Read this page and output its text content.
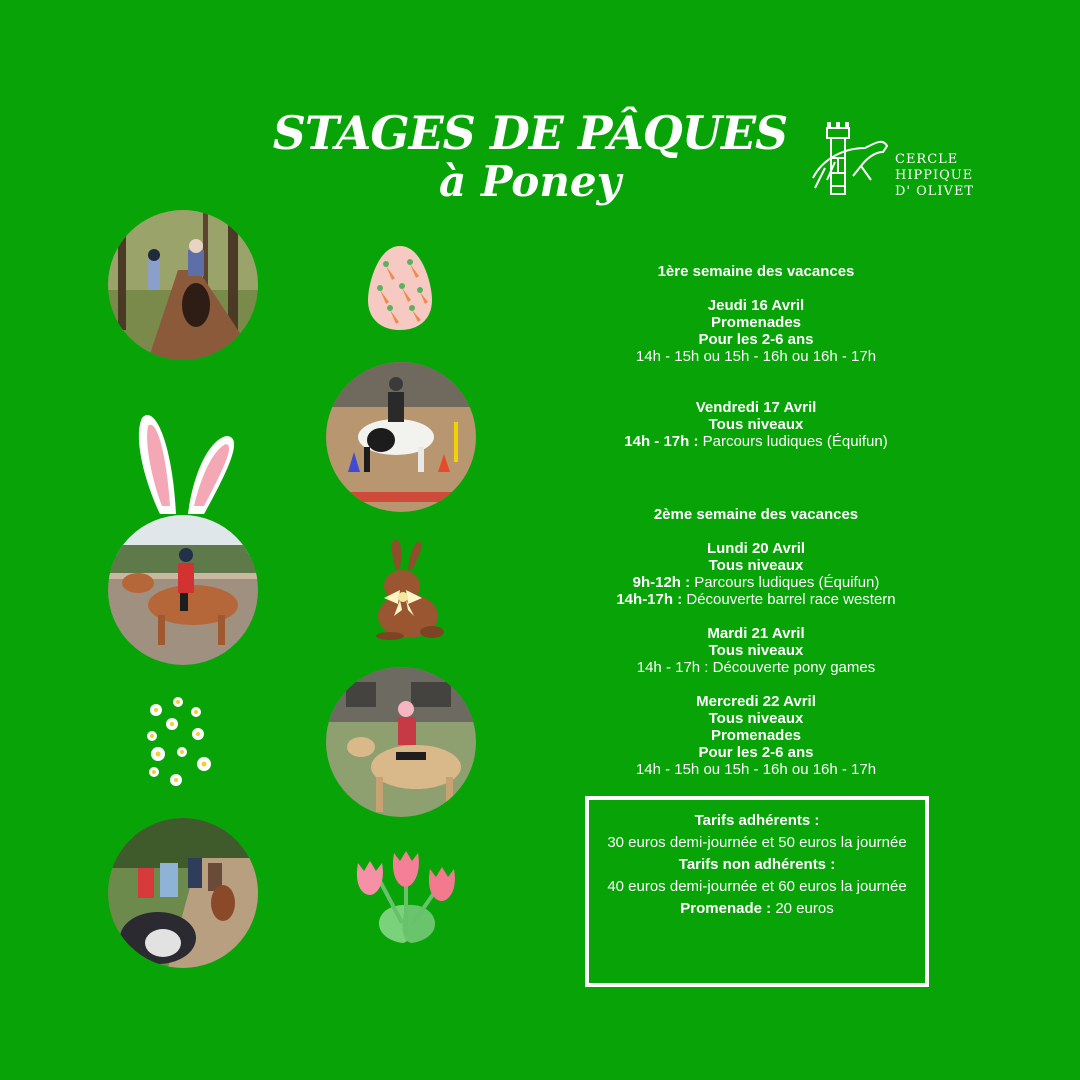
STAGES DE PÂQUES
à Poney	CERCLE
HIPPIQUE
D' OLIVET

1ère semaine des vacances

Jeudi 16 Avril

Promenades

Pour les 2-6 ans

14h - 15h ou 15h - 16h ou 16h - 17h

Vendredi 17 Avril

Tous niveaux

14h - 17h : Parcours ludiques (Équifun)

2ème semaine des vacances

Lundi 20 Avril

Tous niveaux

9h-12h : Parcours ludiques (Équifun)

14h-17h : Découverte barrel race western

Mardi 21 Avril

Tous niveaux

14h - 17h : Découverte pony games

Mercredi 22 Avril

Tous niveaux

Promenades

Pour les 2-6 ans

14h - 15h ou 15h - 16h ou 16h - 17h

Tarifs adhérents :

30 euros demi-journée et 50 euros la journée

Tarifs non adhérents :

40 euros demi-journée et 60 euros la journée

Promenade : 20 euros
